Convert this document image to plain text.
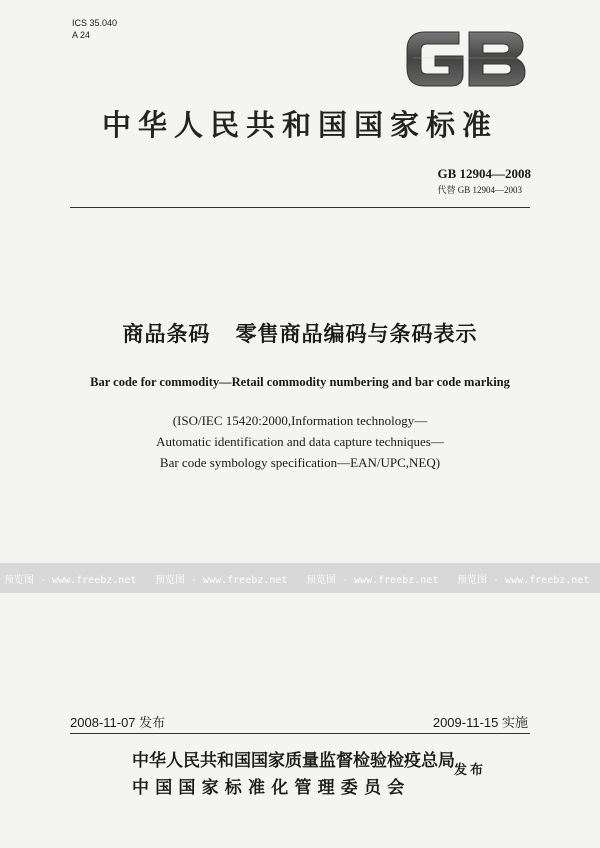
ICS 35.040
A 24
中华人民共和国国家标准
GB 12904—2008
代替 GB 12904—2003
商品条码   零售商品编码与条码表示
Bar code for commodity—Retail commodity numbering and bar code marking
(ISO/IEC 15420:2000,Information technology—
Automatic identification and data capture techniques—
Bar code symbology specification—EAN/UPC,NEQ)
预览图 - www.freebz.net 预览图 - www.freebz.net 预览图 - www.freebz.net 预览图 - www.freebz.net
2008-11-07 发布	2009-11-15 实施
中华人民共和国国家质量监督检验检疫总局
中国国家标准化管理委员会
发布
